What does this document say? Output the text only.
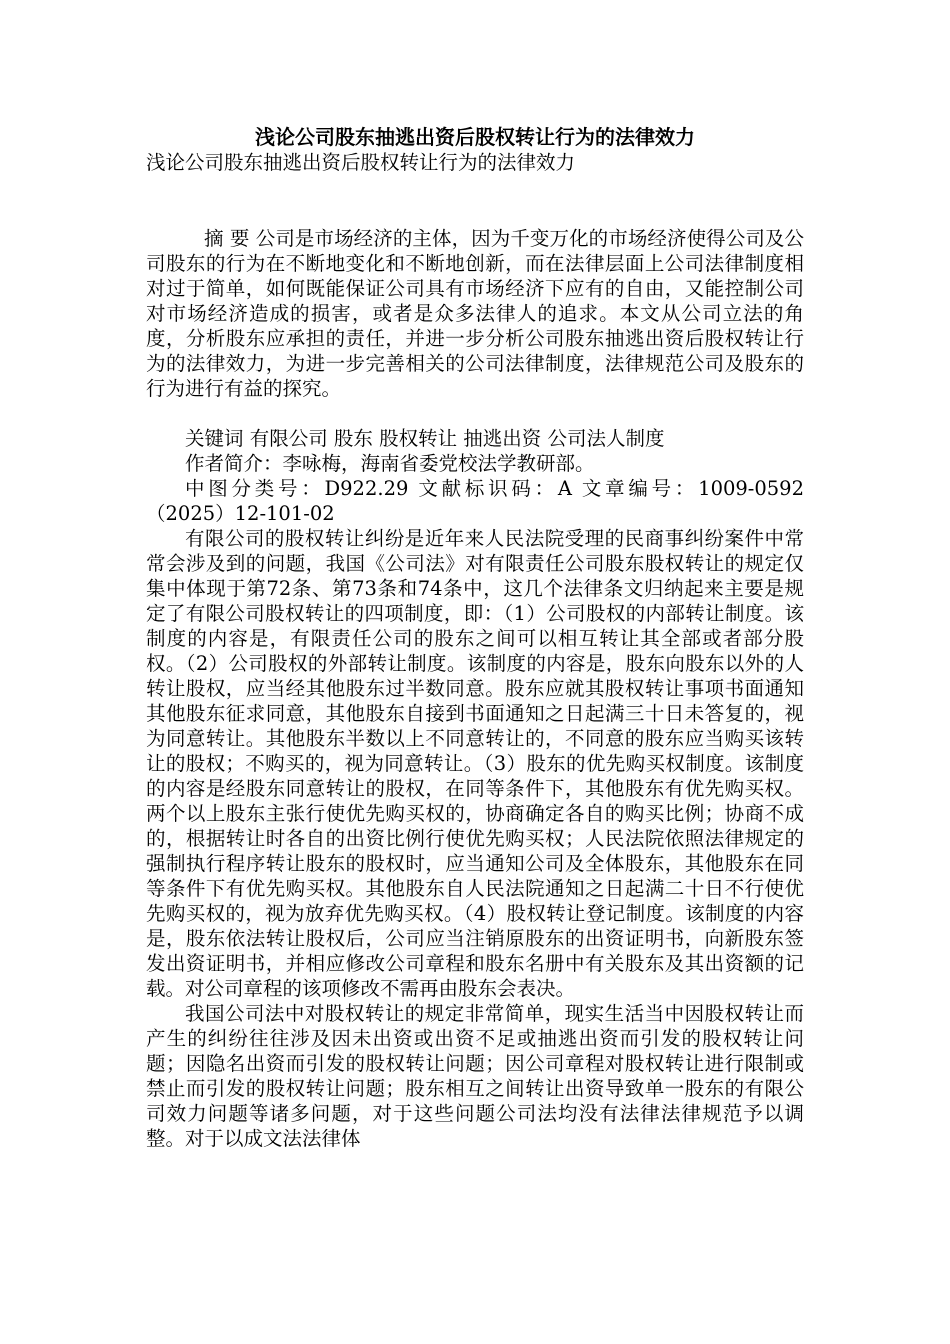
浅论公司股东抽逃出资后股权转让行为的法律效力

浅论公司股东抽逃出资后股权转让行为的法律效力

摘 要 公司是市场经济的主体，因为千变万化的市场经济使得公司及公司股东的行为在不断地变化和不断地创新，而在法律层面上公司法律制度相对过于简单，如何既能保证公司具有市场经济下应有的自由，又能控制公司对市场经济造成的损害，或者是众多法律人的追求。本文从公司立法的角度，分析股东应承担的责任，并进一步分析公司股东抽逃出资后股权转让行为的法律效力，为进一步完善相关的公司法律制度，法律规范公司及股东的行为进行有益的探究。

关键词 有限公司 股东 股权转让 抽逃出资 公司法人制度

作者简介：李咏梅，海南省委党校法学教研部。

中图分类号：D922.29 文献标识码：A 文章编号：1009-0592（2025）12-101-02

有限公司的股权转让纠纷是近年来人民法院受理的民商事纠纷案件中常常会涉及到的问题，我国《公司法》对有限责任公司股东股权转让的规定仅集中体现于第72条、第73条和74条中，这几个法律条文归纳起来主要是规定了有限公司股权转让的四项制度，即：（1）公司股权的内部转让制度。该制度的内容是，有限责任公司的股东之间可以相互转让其全部或者部分股权。（2）公司股权的外部转让制度。该制度的内容是，股东向股东以外的人转让股权，应当经其他股东过半数同意。股东应就其股权转让事项书面通知其他股东征求同意，其他股东自接到书面通知之日起满三十日未答复的，视为同意转让。其他股东半数以上不同意转让的，不同意的股东应当购买该转让的股权；不购买的，视为同意转让。（3）股东的优先购买权制度。该制度的内容是经股东同意转让的股权，在同等条件下，其他股东有优先购买权。两个以上股东主张行使优先购买权的，协商确定各自的购买比例；协商不成的，根据转让时各自的出资比例行使优先购买权；人民法院依照法律规定的强制执行程序转让股东的股权时，应当通知公司及全体股东，其他股东在同等条件下有优先购买权。其他股东自人民法院通知之日起满二十日不行使优先购买权的，视为放弃优先购买权。（4）股权转让登记制度。该制度的内容是，股东依法转让股权后，公司应当注销原股东的出资证明书，向新股东签发出资证明书，并相应修改公司章程和股东名册中有关股东及其出资额的记载。对公司章程的该项修改不需再由股东会表决。

我国公司法中对股权转让的规定非常简单，现实生活当中因股权转让而产生的纠纷往往涉及因未出资或出资不足或抽逃出资而引发的股权转让问题；因隐名出资而引发的股权转让问题；因公司章程对股权转让进行限制或禁止而引发的股权转让问题；股东相互之间转让出资导致单一股东的有限公司效力问题等诸多问题，对于这些问题公司法均没有法律法律规范予以调整。对于以成文法法律体
